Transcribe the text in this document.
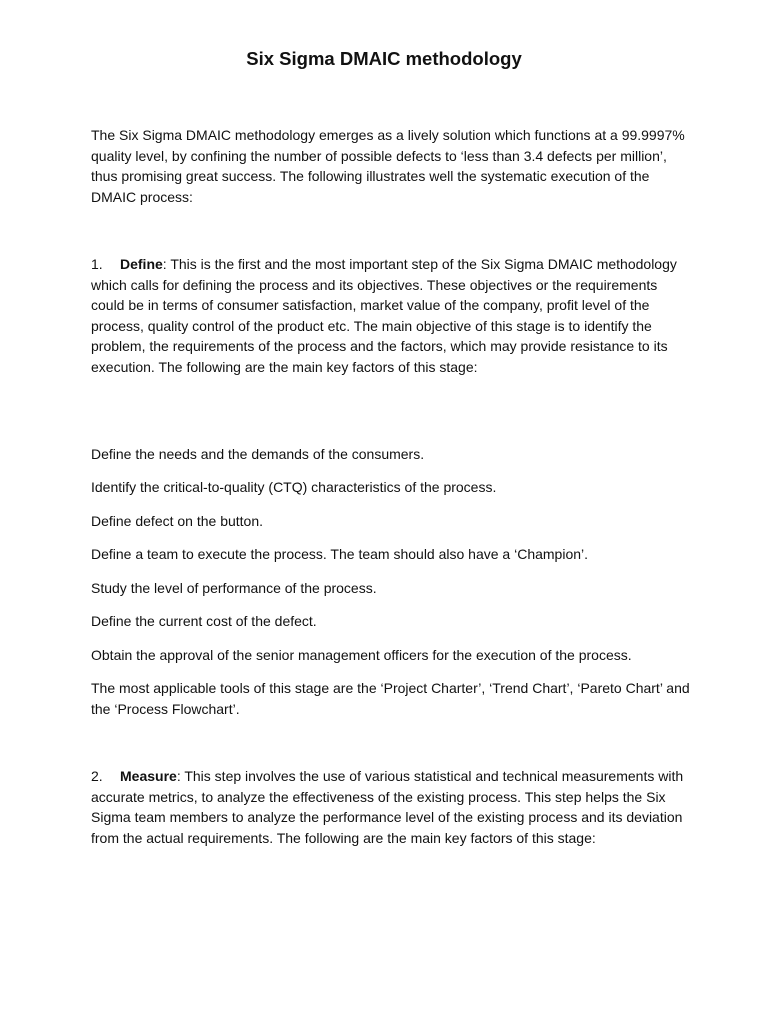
Six Sigma DMAIC methodology

The Six Sigma DMAIC methodology emerges as a lively solution which functions at a 99.9997% quality level, by confining the number of possible defects to ‘less than 3.4 defects per million’, thus promising great success. The following illustrates well the systematic execution of the DMAIC process:

1. Define: This is the first and the most important step of the Six Sigma DMAIC methodology which calls for defining the process and its objectives. These objectives or the requirements could be in terms of consumer satisfaction, market value of the company, profit level of the process, quality control of the product etc. The main objective of this stage is to identify the problem, the requirements of the process and the factors, which may provide resistance to its execution. The following are the main key factors of this stage:

Define the needs and the demands of the consumers.

Identify the critical-to-quality (CTQ) characteristics of the process.

Define defect on the button.

Define a team to execute the process. The team should also have a ‘Champion’.

Study the level of performance of the process.

Define the current cost of the defect.

Obtain the approval of the senior management officers for the execution of the process.

The most applicable tools of this stage are the ‘Project Charter’, ‘Trend Chart’, ‘Pareto Chart’ and the ‘Process Flowchart’.

2. Measure: This step involves the use of various statistical and technical measurements with accurate metrics, to analyze the effectiveness of the existing process. This step helps the Six Sigma team members to analyze the performance level of the existing process and its deviation from the actual requirements. The following are the main key factors of this stage:
